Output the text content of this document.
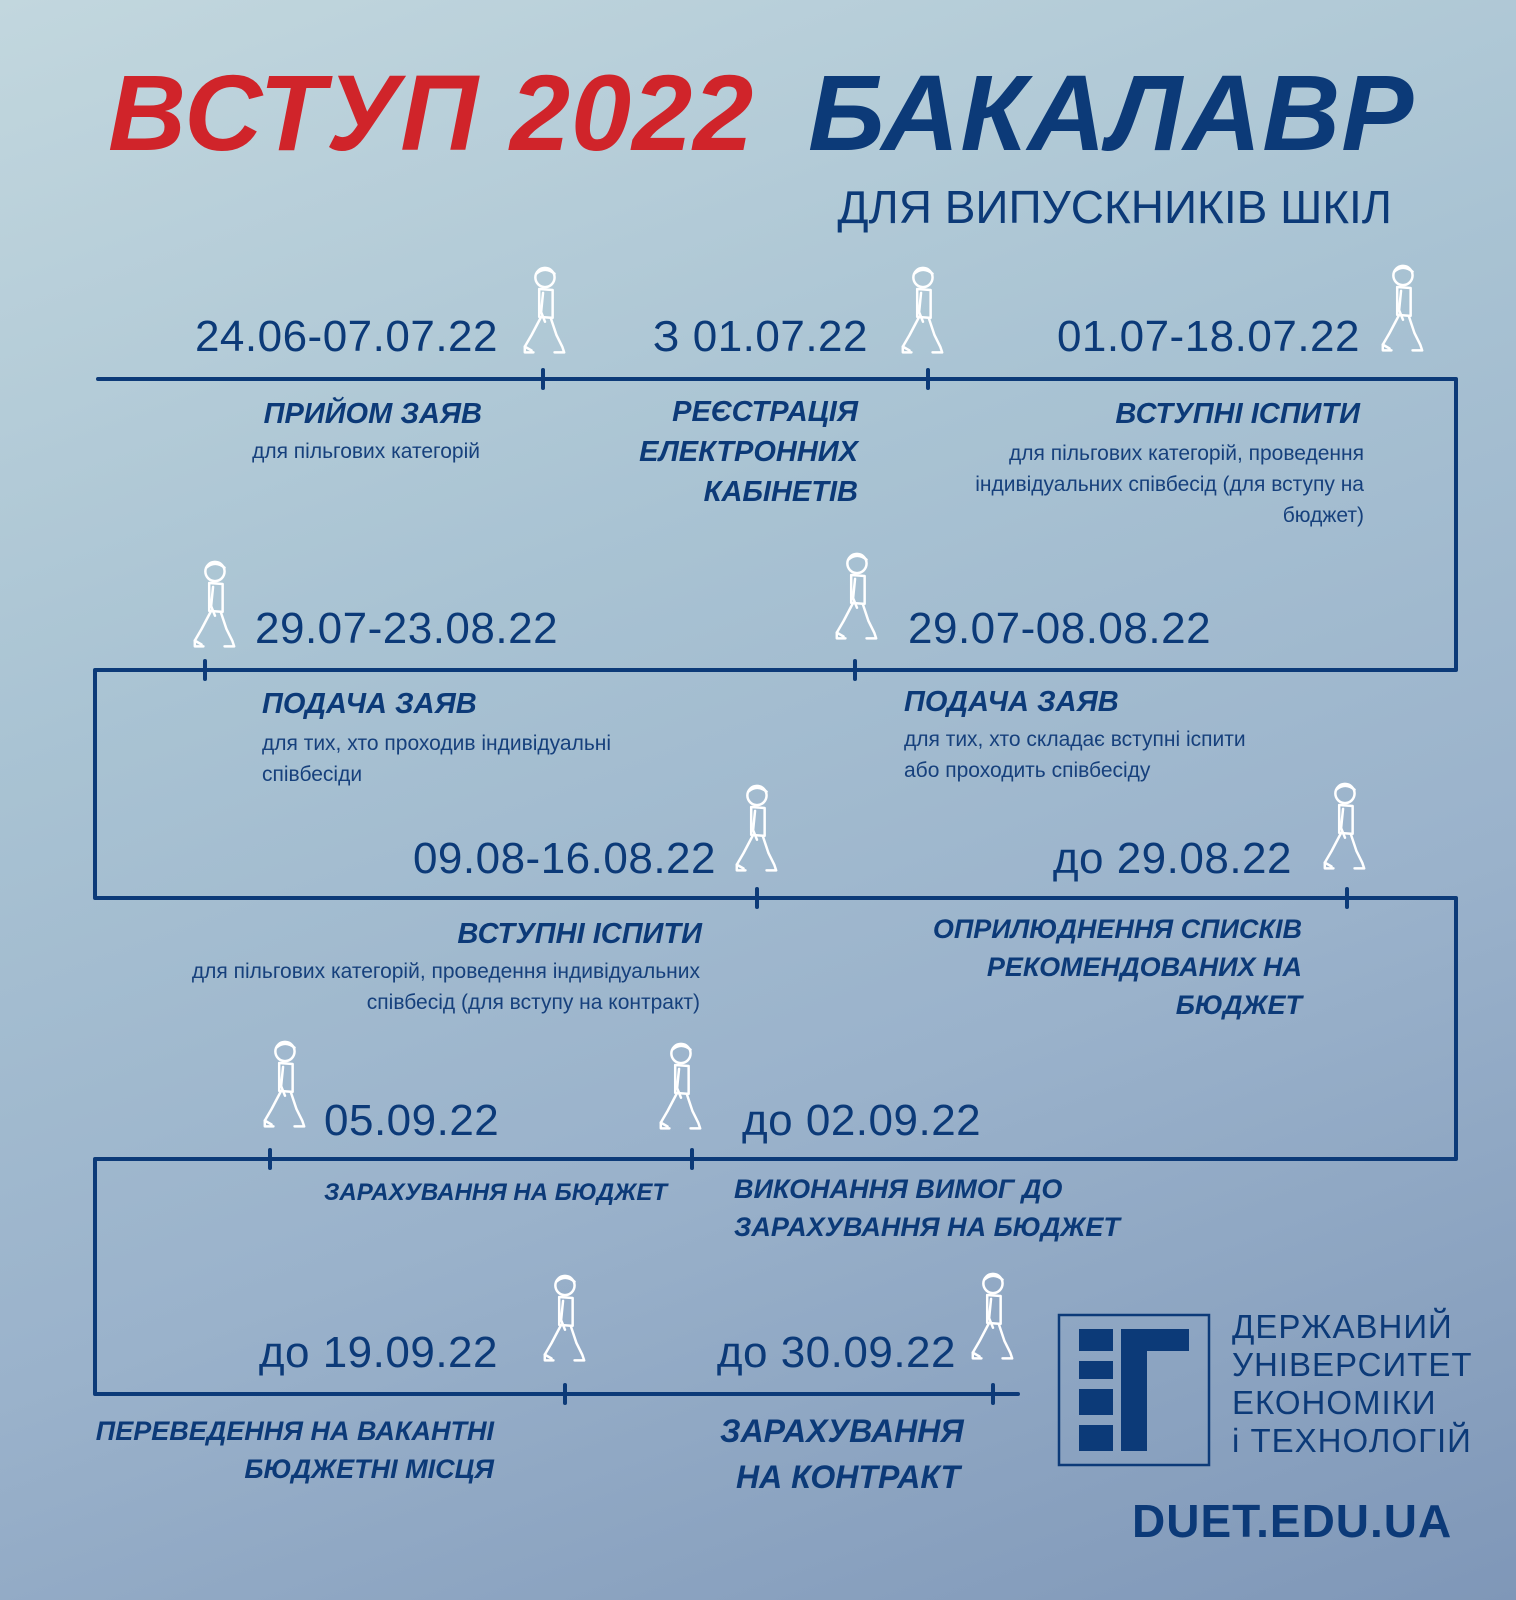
ВСТУП 2022 БАКАЛАВР
ДЛЯ ВИПУСКНИКІВ ШКІЛ
24.06-07.07.22
ПРИЙОМ ЗАЯВ
для пільгових категорій
З 01.07.22
РЕЄСТРАЦІЯ ЕЛЕКТРОННИХ КАБІНЕТІВ
01.07-18.07.22
ВСТУПНІ ІСПИТИ
для пільгових категорій, проведення індивідуальних співбесід (для вступу на бюджет)
29.07-23.08.22
ПОДАЧА ЗАЯВ
для тих, хто проходив індивідуальні співбесіди
29.07-08.08.22
ПОДАЧА ЗАЯВ
для тих, хто складає вступні іспити або проходить співбесіду
09.08-16.08.22
ВСТУПНІ ІСПИТИ
для пільгових категорій, проведення індивідуальних співбесід (для вступу на контракт)
до 29.08.22
ОПРИЛЮДНЕННЯ СПИСКІВ РЕКОМЕНДОВАНИХ НА БЮДЖЕТ
05.09.22
ЗАРАХУВАННЯ НА БЮДЖЕТ
до 02.09.22
ВИКОНАННЯ ВИМОГ ДО ЗАРАХУВАННЯ НА БЮДЖЕТ
до 19.09.22
ПЕРЕВЕДЕННЯ НА ВАКАНТНІ БЮДЖЕТНІ МІСЦЯ
до 30.09.22
ЗАРАХУВАННЯ НА КОНТРАКТ
ДЕРЖАВНИЙ
УНІВЕРСИТЕТ
ЕКОНОМІКИ
і ТЕХНОЛОГІЙ
DUET.EDU.UA
